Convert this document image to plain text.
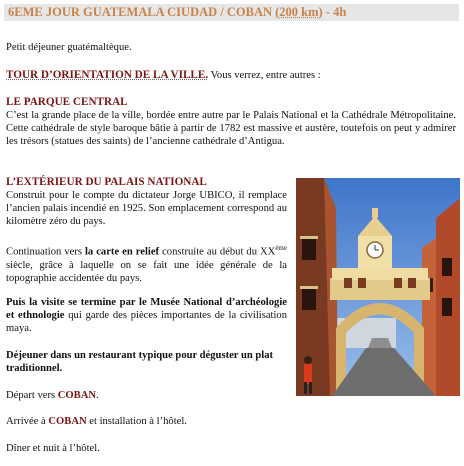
6EME JOUR GUATEMALA CIUDAD / COBAN (200 km) - 4h

Petit déjeuner guatémaltèque.

TOUR D’ORIENTATION DE LA VILLE. Vous verrez, entre autres :

LE PARQUE CENTRAL

C’est la grande place de la ville, bordée entre autre par le Palais National et la Cathédrale Métropolitaine. Cette cathédrale de style baroque bâtie à partir de 1782 est massive et austère, toutefois on peut y admirer les trésors (statues des saints) de l’ancienne cathédrale d’Antigua.

L’EXTÉRIEUR DU PALAIS NATIONAL

Construit pour le compte du dictateur Jorge UBICO, il remplace l’ancien palais incendié en 1925. Son emplacement correspond au kilomètre zéro du pays.

Continuation vers la carte en relief construite au début du XXème siècle, grâce à laquelle on se fait une idée générale de la topographie accidentée du pays.

Puis la visite se termine par le Musée National d’archéologie et ethnologie qui garde des pièces importantes de la civilisation maya.

Déjeuner dans un restaurant typique pour déguster un plat traditionnel.

Départ vers COBAN.

Arrivée à COBAN et installation à l’hôtel.

Dîner et nuit à l’hôtel.
